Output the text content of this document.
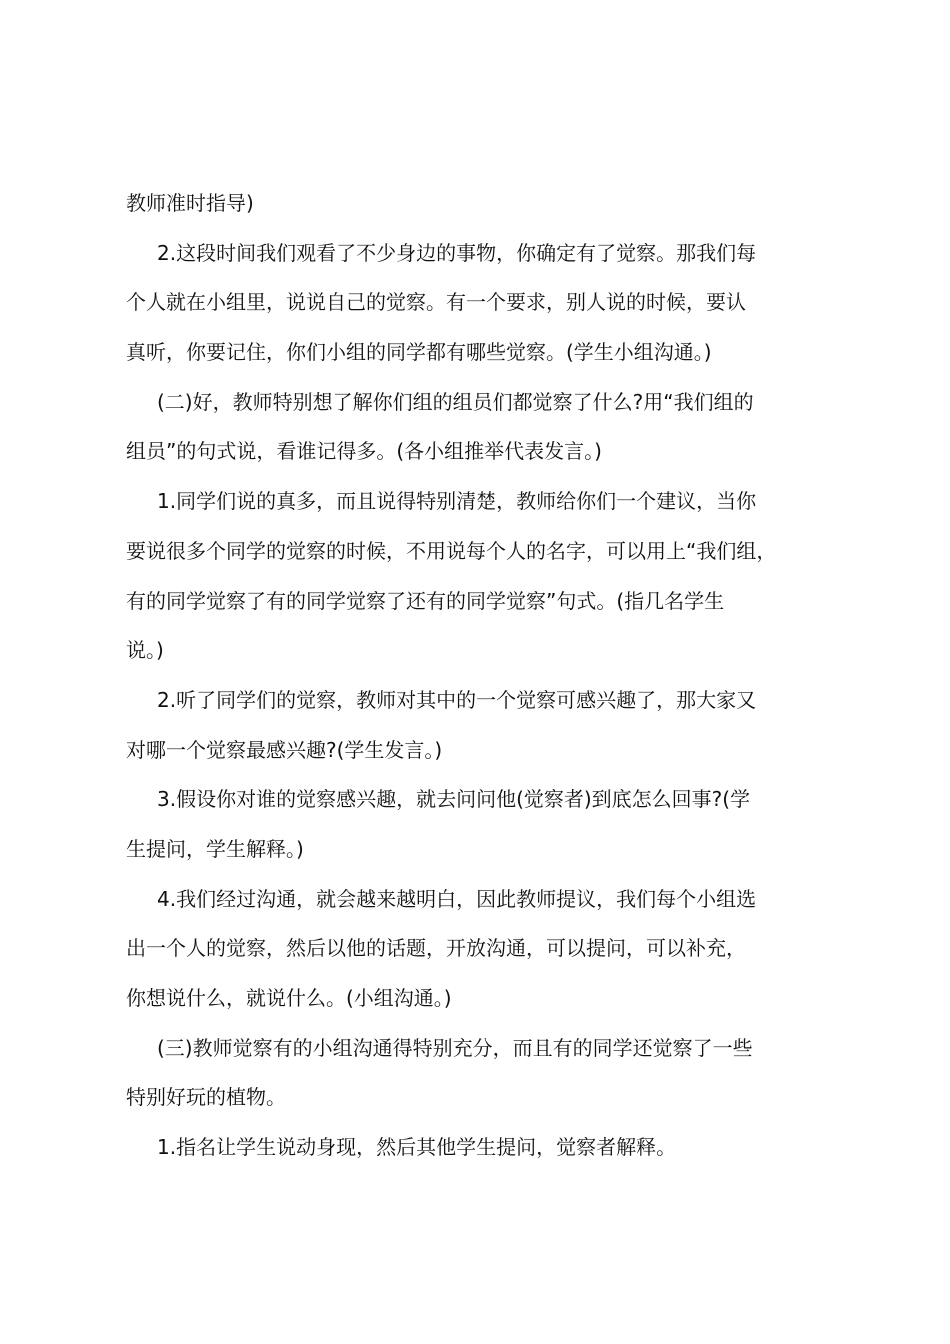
教师准时指导)
2.这段时间我们观看了不少身边的事物，你确定有了觉察。那我们每
个人就在小组里，说说自己的觉察。有一个要求，别人说的时候，要认
真听，你要记住，你们小组的同学都有哪些觉察。(学生小组沟通。)
(二)好，教师特别想了解你们组的组员们都觉察了什么?用“我们组的
组员”的句式说，看谁记得多。(各小组推举代表发言。)
1.同学们说的真多，而且说得特别清楚，教师给你们一个建议，当你
要说很多个同学的觉察的时候，不用说每个人的名字，可以用上“我们组，
有的同学觉察了有的同学觉察了还有的同学觉察”句式。(指几名学生
说。)
2.听了同学们的觉察，教师对其中的一个觉察可感兴趣了，那大家又
对哪一个觉察最感兴趣?(学生发言。)
3.假设你对谁的觉察感兴趣，就去问问他(觉察者)到底怎么回事?(学
生提问，学生解释。)
4.我们经过沟通，就会越来越明白，因此教师提议，我们每个小组选
出一个人的觉察，然后以他的话题，开放沟通，可以提问，可以补充，
你想说什么，就说什么。(小组沟通。)
(三)教师觉察有的小组沟通得特别充分，而且有的同学还觉察了一些
特别好玩的植物。
1.指名让学生说动身现，然后其他学生提问，觉察者解释。
